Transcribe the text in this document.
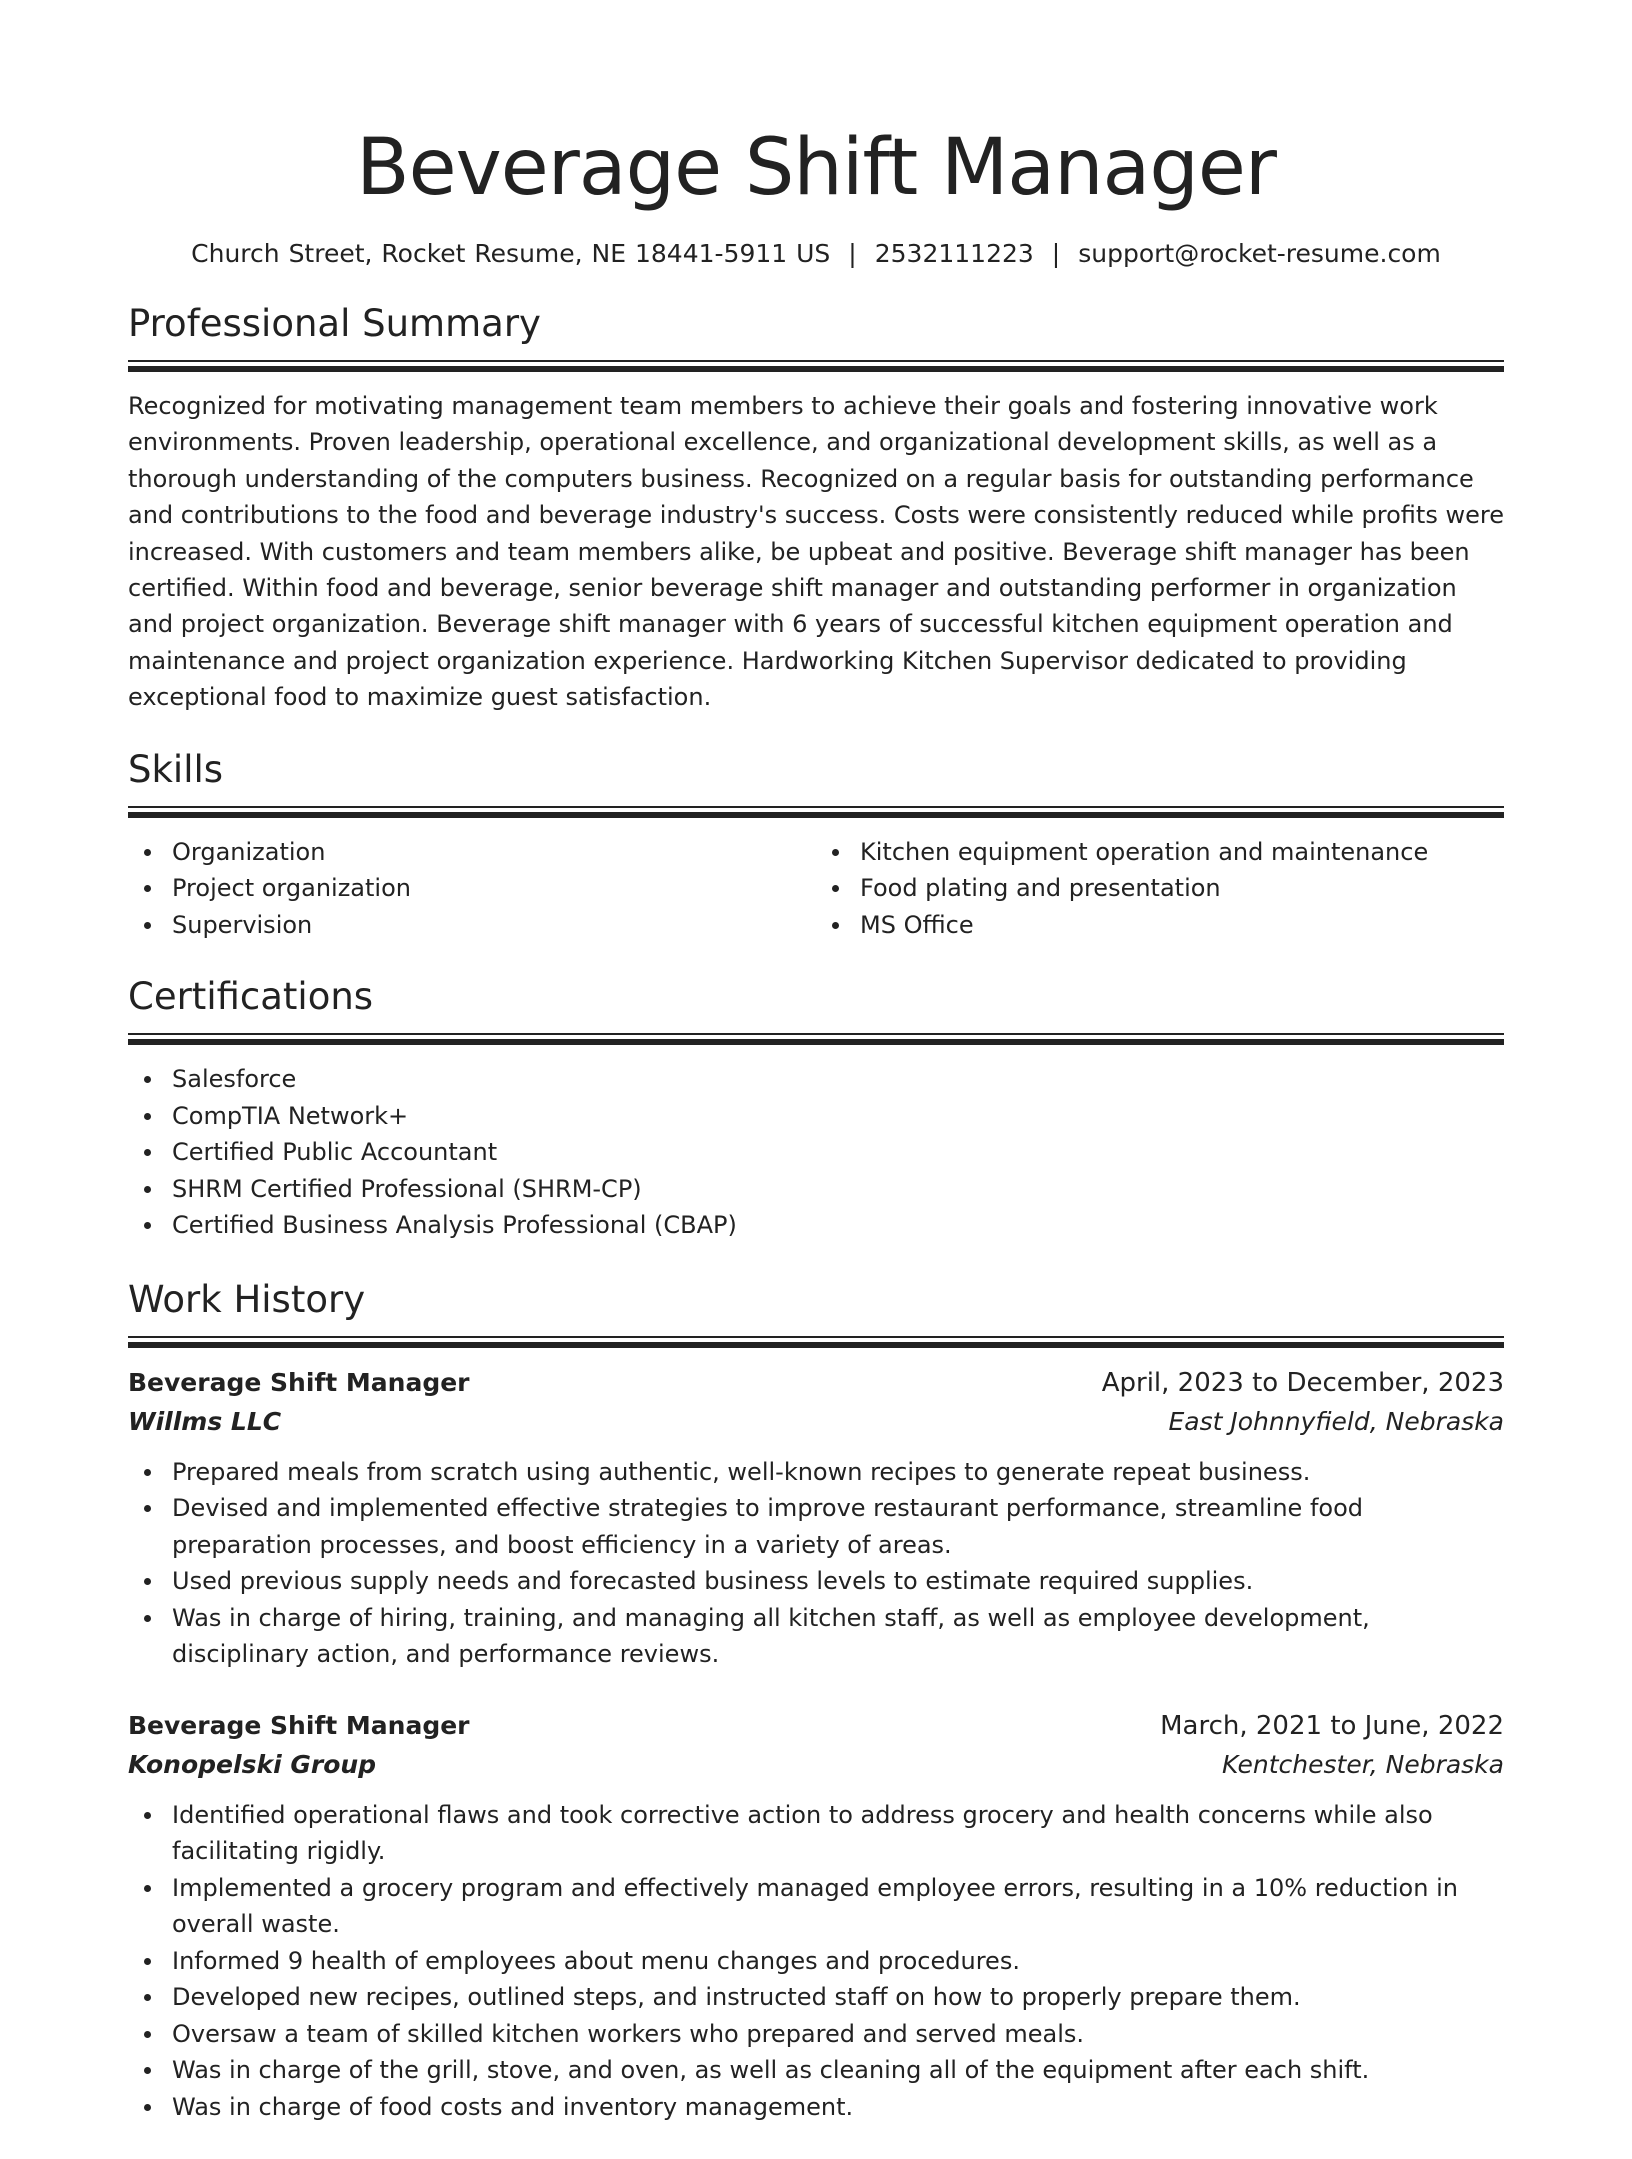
Beverage Shift Manager
Church Street, Rocket Resume, NE 18441-5911 US | 2532111223 | support@rocket-resume.com
Professional Summary

Recognized for motivating management team members to achieve their goals and fostering innovative work environments. Proven leadership, operational excellence, and organizational development skills, as well as a thorough understanding of the computers business. Recognized on a regular basis for outstanding performance and contributions to the food and beverage industry's success. Costs were consistently reduced while profits were increased. With customers and team members alike, be upbeat and positive. Beverage shift manager has been certified. Within food and beverage, senior beverage shift manager and outstanding performer in organization and project organization. Beverage shift manager with 6 years of successful kitchen equipment operation and maintenance and project organization experience. Hardworking Kitchen Supervisor dedicated to providing exceptional food to maximize guest satisfaction.

Skills
Organization
Project organization
Supervision
Kitchen equipment operation and maintenance
Food plating and presentation
MS Office
Certifications
Salesforce
CompTIA Network+
Certified Public Accountant
SHRM Certified Professional (SHRM-CP)
Certified Business Analysis Professional (CBAP)
Work History
Beverage Shift Manager	April, 2023 to December, 2023
Willms LLC	East Johnnyfield, Nebraska
Prepared meals from scratch using authentic, well-known recipes to generate repeat business.
Devised and implemented effective strategies to improve restaurant performance, streamline food preparation processes, and boost efficiency in a variety of areas.
Used previous supply needs and forecasted business levels to estimate required supplies.
Was in charge of hiring, training, and managing all kitchen staff, as well as employee development, disciplinary action, and performance reviews.
Beverage Shift Manager	March, 2021 to June, 2022
Konopelski Group	Kentchester, Nebraska
Identified operational flaws and took corrective action to address grocery and health concerns while also facilitating rigidly.
Implemented a grocery program and effectively managed employee errors, resulting in a 10% reduction in overall waste.
Informed 9 health of employees about menu changes and procedures.
Developed new recipes, outlined steps, and instructed staff on how to properly prepare them.
Oversaw a team of skilled kitchen workers who prepared and served meals.
Was in charge of the grill, stove, and oven, as well as cleaning all of the equipment after each shift.
Was in charge of food costs and inventory management.
